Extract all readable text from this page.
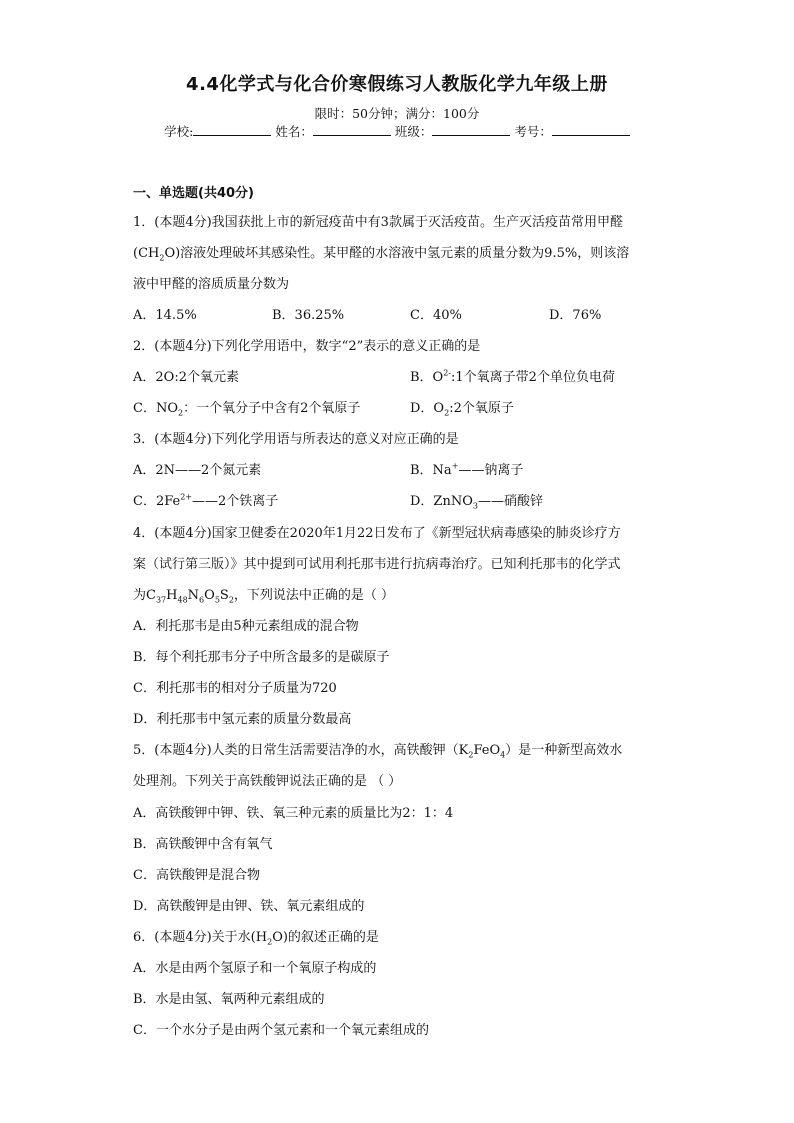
4.4化学式与化合价寒假练习人教版化学九年级上册
限时：50分钟；满分：100分
学校:	姓名：	班级：	考号：
一、单选题(共40分)
1．(本题4分)我国获批上市的新冠疫苗中有3款属于灭活疫苗。生产灭活疫苗常用甲醛
$(CH_2O)$溶液处理破坏其感染性。某甲醛的水溶液中氢元素的质量分数为9.5%，则该溶
液中甲醛的溶质质量分数为
A．14.5%	B．36.25%	C．40%	D．76%
2．(本题4分)下列化学用语中，数字“2”表示的意义正确的是
A．2O:2个氧元素	B．$O^{2-}:1$个氧离子带2个单位负电荷
C．$NO_2$：一个氧分子中含有2个氧原子	D．$O_2:2$个氧原子
3．(本题4分)下列化学用语与所表达的意义对应正确的是
A．2N——2个氮元素	B．Na+——钠离子
C．$2Fe^{2+}——2$个铁离子	D．ZnNO$_3$——硝酸锌
4．(本题4分)国家卫健委在2020年1月22日发布了《新型冠状病毒感染的肺炎诊疗方
案（试行第三版）》其中提到可试用利托那韦进行抗病毒治疗。已知利托那韦的化学式
为$C_{37}H_{48}N_6O_5S_2$，下列说法中正确的是（ ）
A．利托那韦是由5种元素组成的混合物
B．每个利托那韦分子中所含最多的是碳原子
C．利托那韦的相对分子质量为720
D．利托那韦中氢元素的质量分数最高
5．(本题4分)人类的日常生活需要洁净的水，高铁酸钾$(K_2FeO_4)$是一种新型高效水
处理剂。下列关于高铁酸钾说法正确的是 （ ）
A．高铁酸钾中钾、铁、氧三种元素的质量比为2：1：4
B．高铁酸钾中含有氧气
C．高铁酸钾是混合物
D．高铁酸钾是由钾、铁、氧元素组成的
6．(本题4分)关于水$(H_2O)$的叙述正确的是
A．水是由两个氢原子和一个氧原子构成的
B．水是由氢、氧两种元素组成的
C．一个水分子是由两个氢元素和一个氧元素组成的
